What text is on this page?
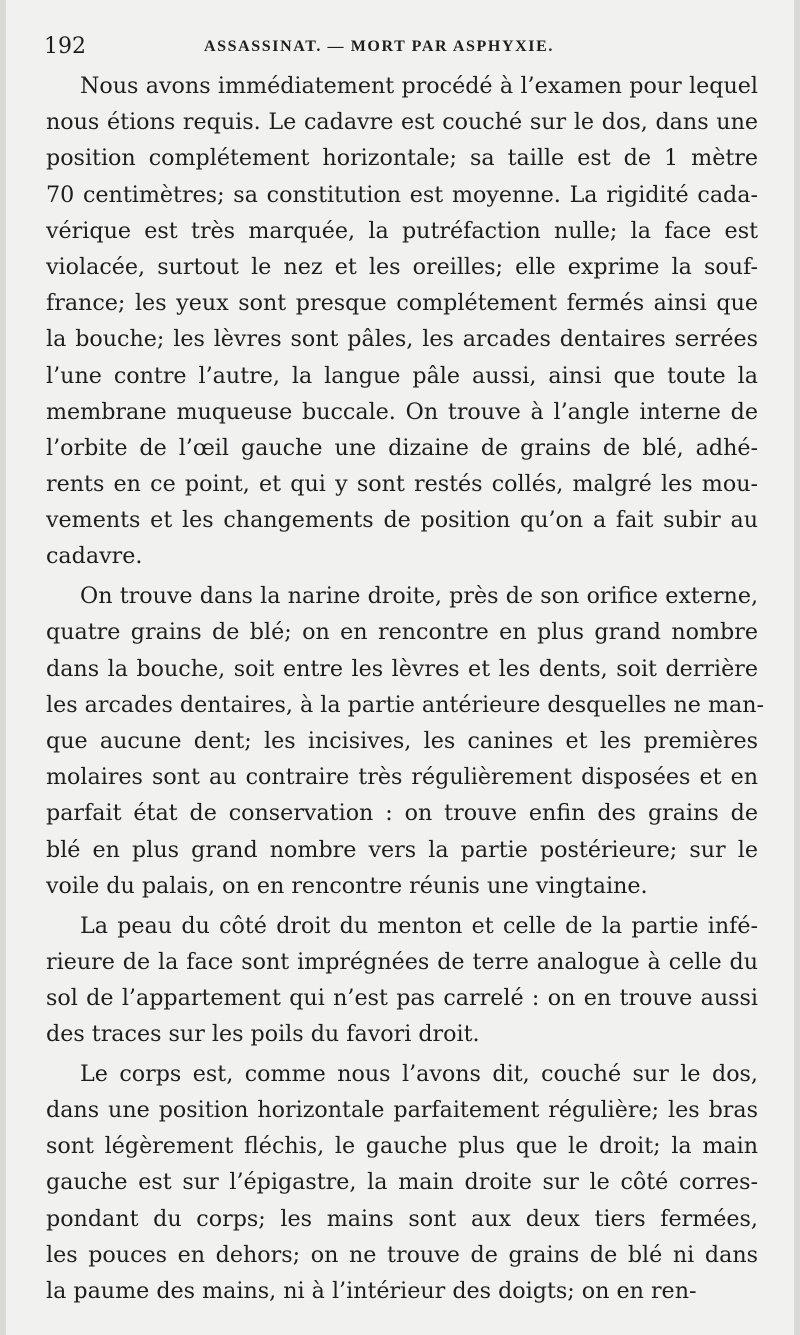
192	ASSASSINAT. — MORT PAR ASPHYXIE.
Nous avons immédiatement procédé à l’examen pour lequel
nous étions requis. Le cadavre est couché sur le dos, dans une
position complétement horizontale; sa taille est de 1 mètre
70 centimètres; sa constitution est moyenne. La rigidité cada-
vérique est très marquée, la putréfaction nulle; la face est
violacée, surtout le nez et les oreilles; elle exprime la souf-
france; les yeux sont presque complétement fermés ainsi que
la bouche; les lèvres sont pâles, les arcades dentaires serrées
l’une contre l’autre, la langue pâle aussi, ainsi que toute la
membrane muqueuse buccale. On trouve à l’angle interne de
l’orbite de l’œil gauche une dizaine de grains de blé, adhé-
rents en ce point, et qui y sont restés collés, malgré les mou-
vements et les changements de position qu’on a fait subir au
cadavre.
On trouve dans la narine droite, près de son orifice externe,
quatre grains de blé; on en rencontre en plus grand nombre
dans la bouche, soit entre les lèvres et les dents, soit derrière
les arcades dentaires, à la partie antérieure desquelles ne man-
que aucune dent; les incisives, les canines et les premières
molaires sont au contraire très régulièrement disposées et en
parfait état de conservation : on trouve enfin des grains de
blé en plus grand nombre vers la partie postérieure; sur le
voile du palais, on en rencontre réunis une vingtaine.
La peau du côté droit du menton et celle de la partie infé-
rieure de la face sont imprégnées de terre analogue à celle du
sol de l’appartement qui n’est pas carrelé : on en trouve aussi
des traces sur les poils du favori droit.
Le corps est, comme nous l’avons dit, couché sur le dos,
dans une position horizontale parfaitement régulière; les bras
sont légèrement fléchis, le gauche plus que le droit; la main
gauche est sur l’épigastre, la main droite sur le côté corres-
pondant du corps; les mains sont aux deux tiers fermées,
les pouces en dehors; on ne trouve de grains de blé ni dans
la paume des mains, ni à l’intérieur des doigts; on en ren-
